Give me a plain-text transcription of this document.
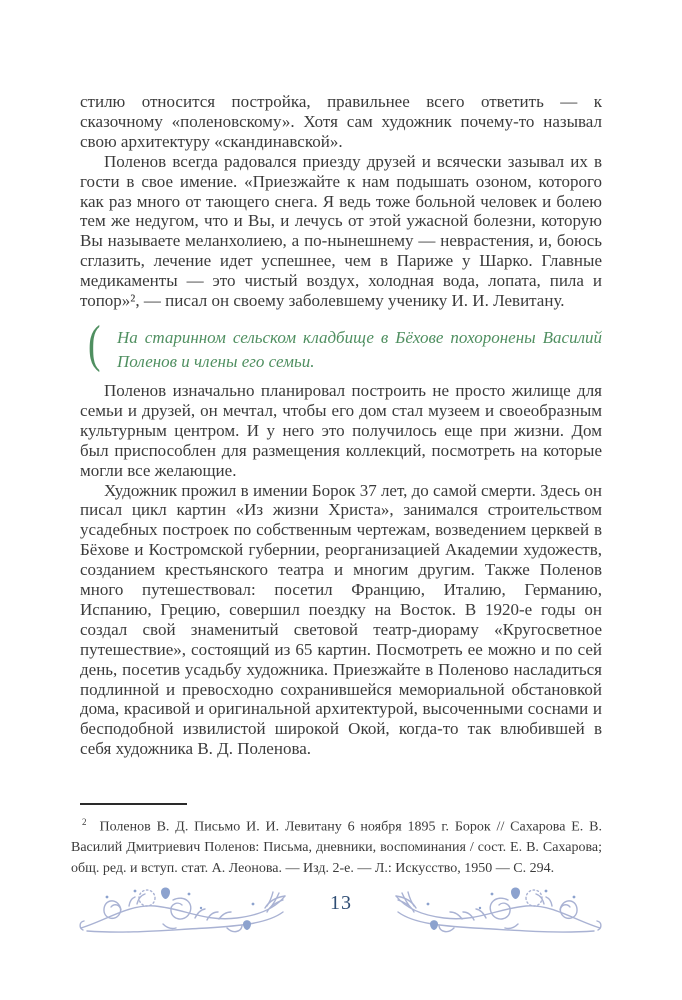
стилю относится постройка, правильнее всего ответить — к сказочному «поленовскому». Хотя сам художник почему-то называл свою архитектуру «скандинавской».

Поленов всегда радовался приезду друзей и всячески зазывал их в гости в свое имение. «Приезжайте к нам подышать озоном, которого как раз много от тающего снега. Я ведь тоже больной человек и болею тем же недугом, что и Вы, и лечусь от этой ужасной болезни, которую Вы называете меланхолиею, а по-нынешнему — неврастения, и, боюсь сглазить, лечение идет успешнее, чем в Париже у Шарко. Главные медикаменты — это чистый воздух, холодная вода, лопата, пила и топор»², — писал он своему заболевшему ученику И. И. Левитану.

( На старинном сельском кладбище в Бёхове похоронены Василий Поленов и члены его семьи.

Поленов изначально планировал построить не просто жилище для семьи и друзей, он мечтал, чтобы его дом стал музеем и своеобразным культурным центром. И у него это получилось еще при жизни. Дом был приспособлен для размещения коллекций, посмотреть на которые могли все желающие.

Художник прожил в имении Борок 37 лет, до самой смерти. Здесь он писал цикл картин «Из жизни Христа», занимался строительством усадебных построек по собственным чертежам, возведением церквей в Бёхове и Костромской губернии, реорганизацией Академии художеств, созданием крестьянского театра и многим другим. Также Поленов много путешествовал: посетил Францию, Италию, Германию, Испанию, Грецию, совершил поездку на Восток. В 1920-е годы он создал свой знаменитый световой театр-диораму «Кругосветное путешествие», состоящий из 65 картин. Посмотреть ее можно и по сей день, посетив усадьбу художника. Приезжайте в Поленово насладиться подлинной и превосходно сохранившейся мемориальной обстановкой дома, красивой и оригинальной архитектурой, высоченными соснами и бесподобной извилистой широкой Окой, когда-то так влюбившей в себя художника В. Д. Поленова.

$^2$ Поленов В. Д. Письмо И. И. Левитану 6 ноября 1895 г. Борок // Сахарова Е. В. Василий Дмитриевич Поленов: Письма, дневники, воспоминания / сост. Е. В. Сахарова; общ. ред. и вступ. стат. А. Леонова. — Изд. 2-е. — Л.: Искусство, 1950 — С. 294.

13
